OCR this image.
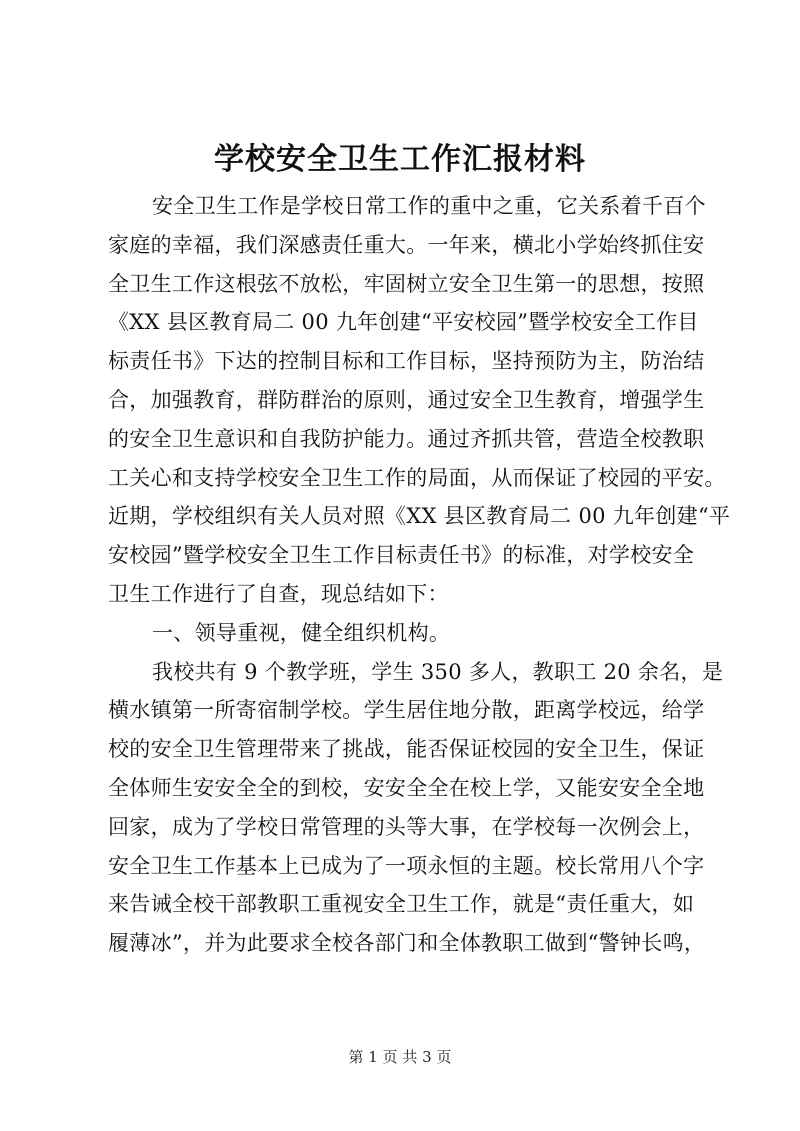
学校安全卫生工作汇报材料
安全卫生工作是学校日常工作的重中之重，它关系着千百个
家庭的幸福，我们深感责任重大。一年来，横北小学始终抓住安
全卫生工作这根弦不放松，牢固树立安全卫生第一的思想，按照
《XX 县区教育局二 00 九年创建“平安校园”暨学校安全工作目
标责任书》下达的控制目标和工作目标，坚持预防为主，防治结
合，加强教育，群防群治的原则，通过安全卫生教育，增强学生
的安全卫生意识和自我防护能力。通过齐抓共管，营造全校教职
工关心和支持学校安全卫生工作的局面，从而保证了校园的平安。
近期，学校组织有关人员对照《XX 县区教育局二 00 九年创建“平
安校园”暨学校安全卫生工作目标责任书》的标准，对学校安全
卫生工作进行了自查，现总结如下：
一、领导重视，健全组织机构。
我校共有 9 个教学班，学生 350 多人，教职工 20 余名，是
横水镇第一所寄宿制学校。学生居住地分散，距离学校远，给学
校的安全卫生管理带来了挑战，能否保证校园的安全卫生，保证
全体师生安安全全的到校，安安全全在校上学，又能安安全全地
回家，成为了学校日常管理的头等大事，在学校每一次例会上，
安全卫生工作基本上已成为了一项永恒的主题。校长常用八个字
来告诫全校干部教职工重视安全卫生工作，就是“责任重大，如
履薄冰”，并为此要求全校各部门和全体教职工做到“警钟长鸣，
第 1 页 共 3 页
